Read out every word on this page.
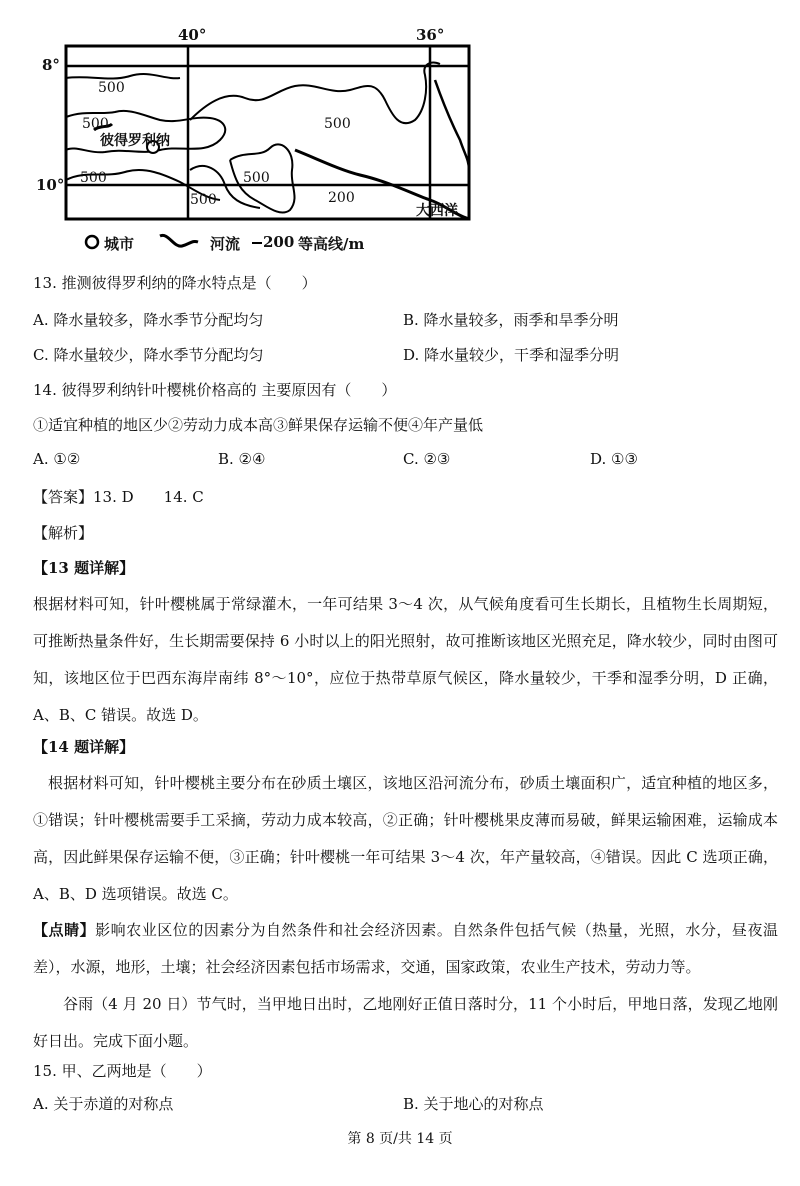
40°	36°
8°
10°
500
500	500
500	500
500	200
彼得罗利纳
大西洋
城市	河流 200 等高线/m
13. 推测彼得罗利纳的降水特点是（　　）
A. 降水量较多，降水季节分配均匀	B. 降水量较多，雨季和旱季分明
C. 降水量较少，降水季节分配均匀	D. 降水量较少，干季和湿季分明
14. 彼得罗利纳针叶樱桃价格高的 主要原因有（　　）
①适宜种植的地区少②劳动力成本高③鲜果保存运输不便④年产量低
A. ①②	B. ②④	C. ②③	D. ①③
【答案】13. D　　14. C
【解析】
【13 题详解】
根据材料可知，针叶樱桃属于常绿灌木，一年可结果 3～4 次，从气候角度看可生长期长，且植物生长周期短，可推断热量条件好，生长期需要保持 6 小时以上的阳光照射，故可推断该地区光照充足，降水较少，同时由图可知，该地区位于巴西东海岸南纬 8°～10°，应位于热带草原气候区，降水量较少，干季和湿季分明，D 正确，A、B、C 错误。故选 D。
【14 题详解】
根据材料可知，针叶樱桃主要分布在砂质土壤区，该地区沿河流分布，砂质土壤面积广，适宜种植的地区多，①错误；针叶樱桃需要手工采摘，劳动力成本较高，②正确；针叶樱桃果皮薄而易破，鲜果运输困难，运输成本高，因此鲜果保存运输不便，③正确；针叶樱桃一年可结果 3～4 次，年产量较高，④错误。因此 C 选项正确，A、B、D 选项错误。故选 C。
【点睛】影响农业区位的因素分为自然条件和社会经济因素。自然条件包括气候（热量，光照，水分，昼夜温差），水源，地形，土壤；社会经济因素包括市场需求，交通，国家政策，农业生产技术，劳动力等。
谷雨（4 月 20 日）节气时，当甲地日出时，乙地刚好正值日落时分，11 个小时后，甲地日落，发现乙地刚好日出。完成下面小题。
15. 甲、乙两地是（　　）
A. 关于赤道的对称点	B. 关于地心的对称点
第 8 页/共 14 页
